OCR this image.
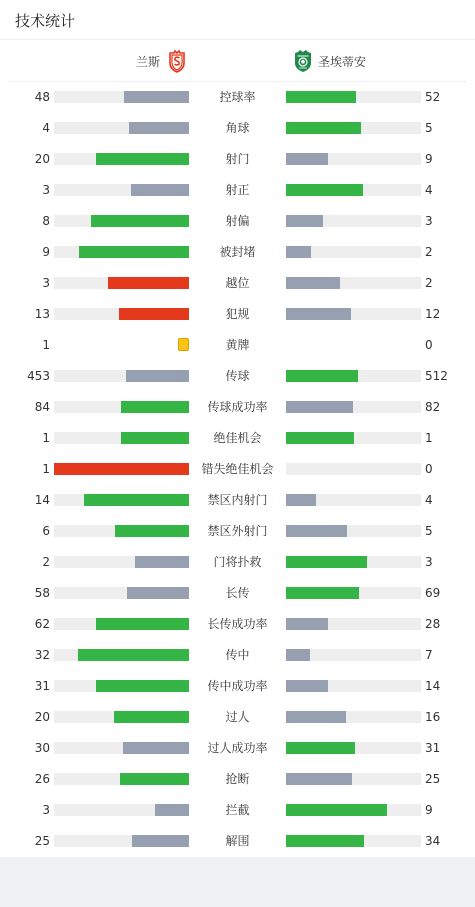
技术统计
兰斯	圣埃蒂安
48	控球率	52
4	角球	5
20	射门	9
3	射正	4
8	射偏	3
9	被封堵	2
3	越位	2
13	犯规	12
1	黄牌	0
453	传球	512
84	传球成功率	82
1	绝佳机会	1
1	错失绝佳机会	0
14	禁区内射门	4
6	禁区外射门	5
2	门将扑救	3
58	长传	69
62	长传成功率	28
32	传中	7
31	传中成功率	14
20	过人	16
30	过人成功率	31
26	抢断	25
3	拦截	9
25	解围	34
